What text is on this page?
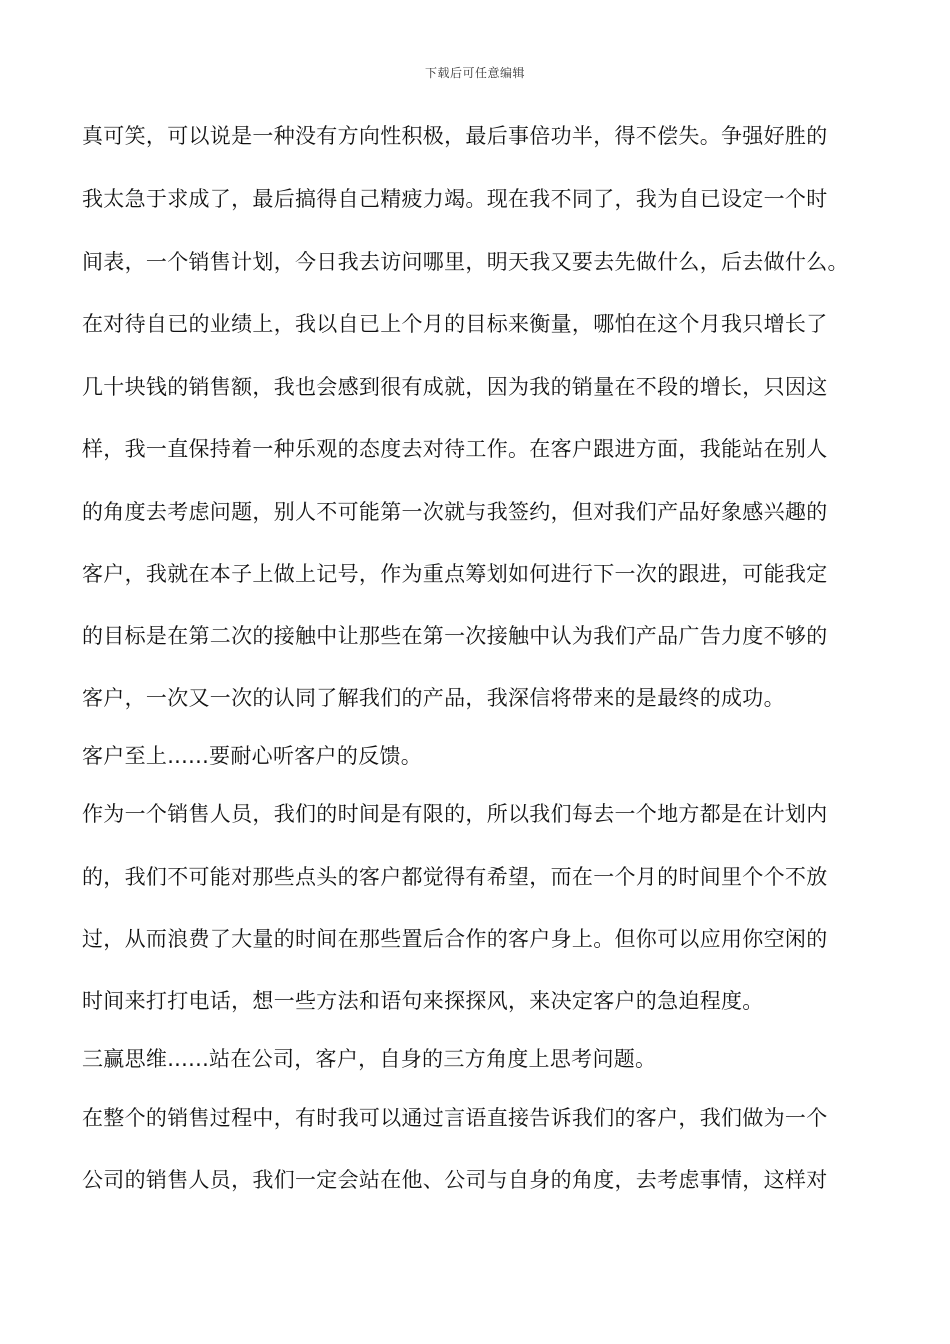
下载后可任意编辑
真可笑，可以说是一种没有方向性积极，最后事倍功半，得不偿失。争强好胜的
我太急于求成了，最后搞得自己精疲力竭。现在我不同了，我为自已设定一个时
间表，一个销售计划，今日我去访问哪里，明天我又要去先做什么，后去做什么。
在对待自已的业绩上，我以自已上个月的目标来衡量，哪怕在这个月我只增长了
几十块钱的销售额，我也会感到很有成就，因为我的销量在不段的增长，只因这
样，我一直保持着一种乐观的态度去对待工作。在客户跟进方面，我能站在别人
的角度去考虑问题，别人不可能第一次就与我签约，但对我们产品好象感兴趣的
客户，我就在本子上做上记号，作为重点筹划如何进行下一次的跟进，可能我定
的目标是在第二次的接触中让那些在第一次接触中认为我们产品广告力度不够的
客户，一次又一次的认同了解我们的产品，我深信将带来的是最终的成功。
客户至上......要耐心听客户的反馈。
作为一个销售人员，我们的时间是有限的，所以我们每去一个地方都是在计划内
的，我们不可能对那些点头的客户都觉得有希望，而在一个月的时间里个个不放
过，从而浪费了大量的时间在那些置后合作的客户身上。但你可以应用你空闲的
时间来打打电话，想一些方法和语句来探探风，来决定客户的急迫程度。
三赢思维......站在公司，客户，自身的三方角度上思考问题。
在整个的销售过程中，有时我可以通过言语直接告诉我们的客户，我们做为一个
公司的销售人员，我们一定会站在他、公司与自身的角度，去考虑事情，这样对
